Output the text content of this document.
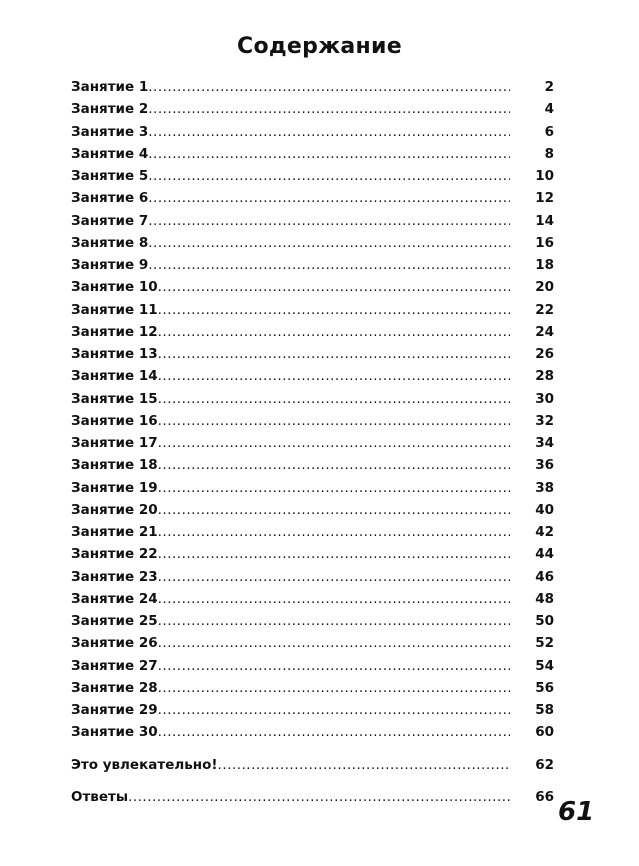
Содержание
Занятие 1 .....	2
Занятие 2 .....	4
Занятие 3 .....	6
Занятие 4 .....	8
Занятие 5 .....	10
Занятие 6 .....	12
Занятие 7 .....	14
Занятие 8 .....	16
Занятие 9 .....	18
Занятие 10 .....	20
Занятие 11 .....	22
Занятие 12 .....	24
Занятие 13 .....	26
Занятие 14 .....	28
Занятие 15 .....	30
Занятие 16 .....	32
Занятие 17 .....	34
Занятие 18 .....	36
Занятие 19 .....	38
Занятие 20 .....	40
Занятие 21 .....	42
Занятие 22 .....	44
Занятие 23 .....	46
Занятие 24 .....	48
Занятие 25 .....	50
Занятие 26 .....	52
Занятие 27 .....	54
Занятие 28 .....	56
Занятие 29 .....	58
Занятие 30 .....	60
Это увлекательно! .....	62
Ответы .....	66
61
